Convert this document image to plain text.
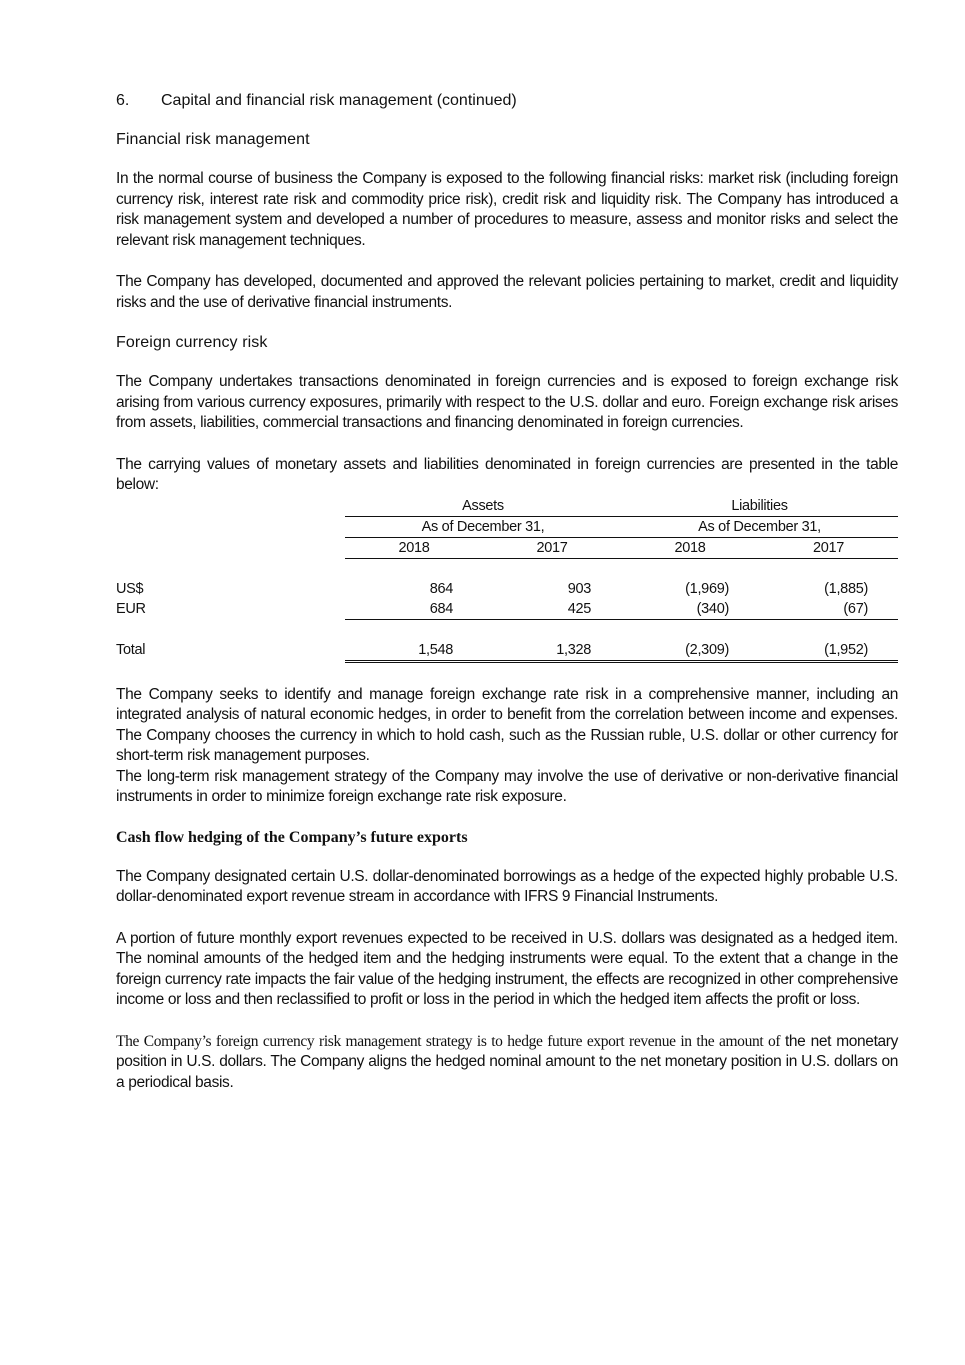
6. Capital and financial risk management (continued)
Financial risk management

In the normal course of business the Company is exposed to the following financial risks: market risk (including foreign currency risk, interest rate risk and commodity price risk), credit risk and liquidity risk. The Company has introduced a risk management system and developed a number of procedures to measure, assess and monitor risks and select the relevant risk management techniques.

The Company has developed, documented and approved the relevant policies pertaining to market, credit and liquidity risks and the use of derivative financial instruments.

Foreign currency risk

The Company undertakes transactions denominated in foreign currencies and is exposed to foreign exchange risk arising from various currency exposures, primarily with respect to the U.S. dollar and euro. Foreign exchange risk arises from assets, liabilities, commercial transactions and financing denominated in foreign currencies.

The carrying values of monetary assets and liabilities denominated in foreign currencies are presented in the table below:

	Assets		Liabilities	
	As of December 31,		As of December 31,	
	2018	2017	2018	2017

US$	864	903	(1,969)	(1,885)
EUR	684	425	(340)	(67)

Total	1,548	1,328	(2,309)	(1,952)

The Company seeks to identify and manage foreign exchange rate risk in a comprehensive manner, including an integrated analysis of natural economic hedges, in order to benefit from the correlation between income and expenses. The Company chooses the currency in which to hold cash, such as the Russian ruble, U.S. dollar or other currency for short-term risk management purposes.

The long-term risk management strategy of the Company may involve the use of derivative or non-derivative financial instruments in order to minimize foreign exchange rate risk exposure.

Cash flow hedging of the Company’s future exports

The Company designated certain U.S. dollar-denominated borrowings as a hedge of the expected highly probable U.S. dollar-denominated export revenue stream in accordance with IFRS 9 Financial Instruments.

A portion of future monthly export revenues expected to be received in U.S. dollars was designated as a hedged item. The nominal amounts of the hedged item and the hedging instruments were equal. To the extent that a change in the foreign currency rate impacts the fair value of the hedging instrument, the effects are recognized in other comprehensive income or loss and then reclassified to profit or loss in the period in which the hedged item affects the profit or loss.

The Company’s foreign currency risk management strategy is to hedge future export revenue in the amount of the net monetary position in U.S. dollars. The Company aligns the hedged nominal amount to the net monetary position in U.S. dollars on a periodical basis.
